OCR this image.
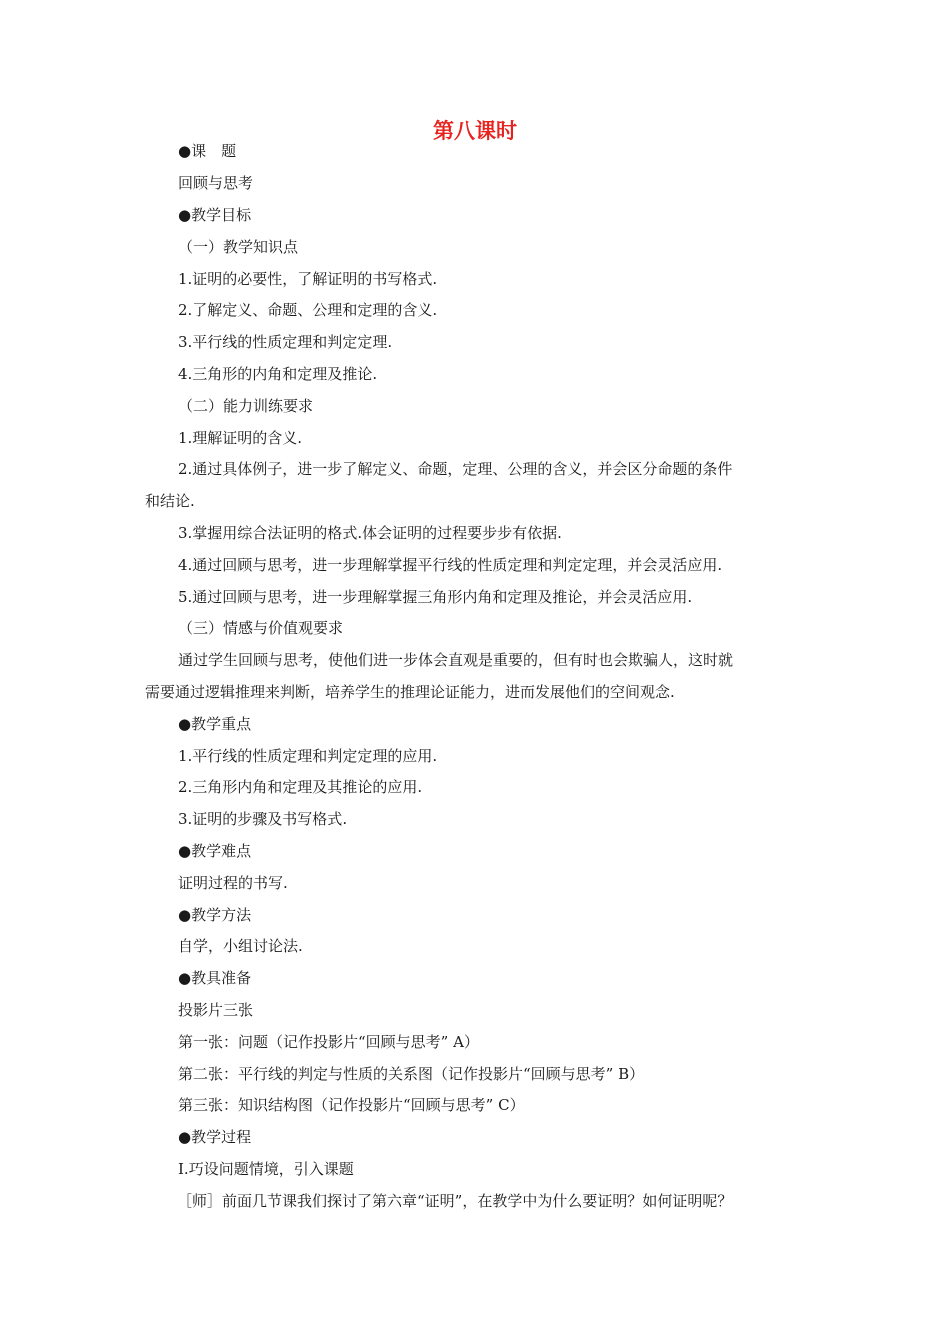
第八课时
●课　题
回顾与思考
●教学目标
（一）教学知识点
1.证明的必要性，了解证明的书写格式.
2.了解定义、命题、公理和定理的含义.
3.平行线的性质定理和判定定理.
4.三角形的内角和定理及推论.
（二）能力训练要求
1.理解证明的含义.
2.通过具体例子，进一步了解定义、命题，定理、公理的含义，并会区分命题的条件
和结论.
3.掌握用综合法证明的格式.体会证明的过程要步步有依据.
4.通过回顾与思考，进一步理解掌握平行线的性质定理和判定定理，并会灵活应用.
5.通过回顾与思考，进一步理解掌握三角形内角和定理及推论，并会灵活应用.
（三）情感与价值观要求
通过学生回顾与思考，使他们进一步体会直观是重要的，但有时也会欺骗人，这时就
需要通过逻辑推理来判断，培养学生的推理论证能力，进而发展他们的空间观念.
●教学重点
1.平行线的性质定理和判定定理的应用.
2.三角形内角和定理及其推论的应用.
3.证明的步骤及书写格式.
●教学难点
证明过程的书写.
●教学方法
自学，小组讨论法.
●教具准备
投影片三张
第一张：问题（记作投影片“回顾与思考” A）
第二张：平行线的判定与性质的关系图（记作投影片“回顾与思考” B）
第三张：知识结构图（记作投影片“回顾与思考” C）
●教学过程
Ⅰ.巧设问题情境，引入课题
［师］前面几节课我们探讨了第六章“证明”，在教学中为什么要证明？如何证明呢？
